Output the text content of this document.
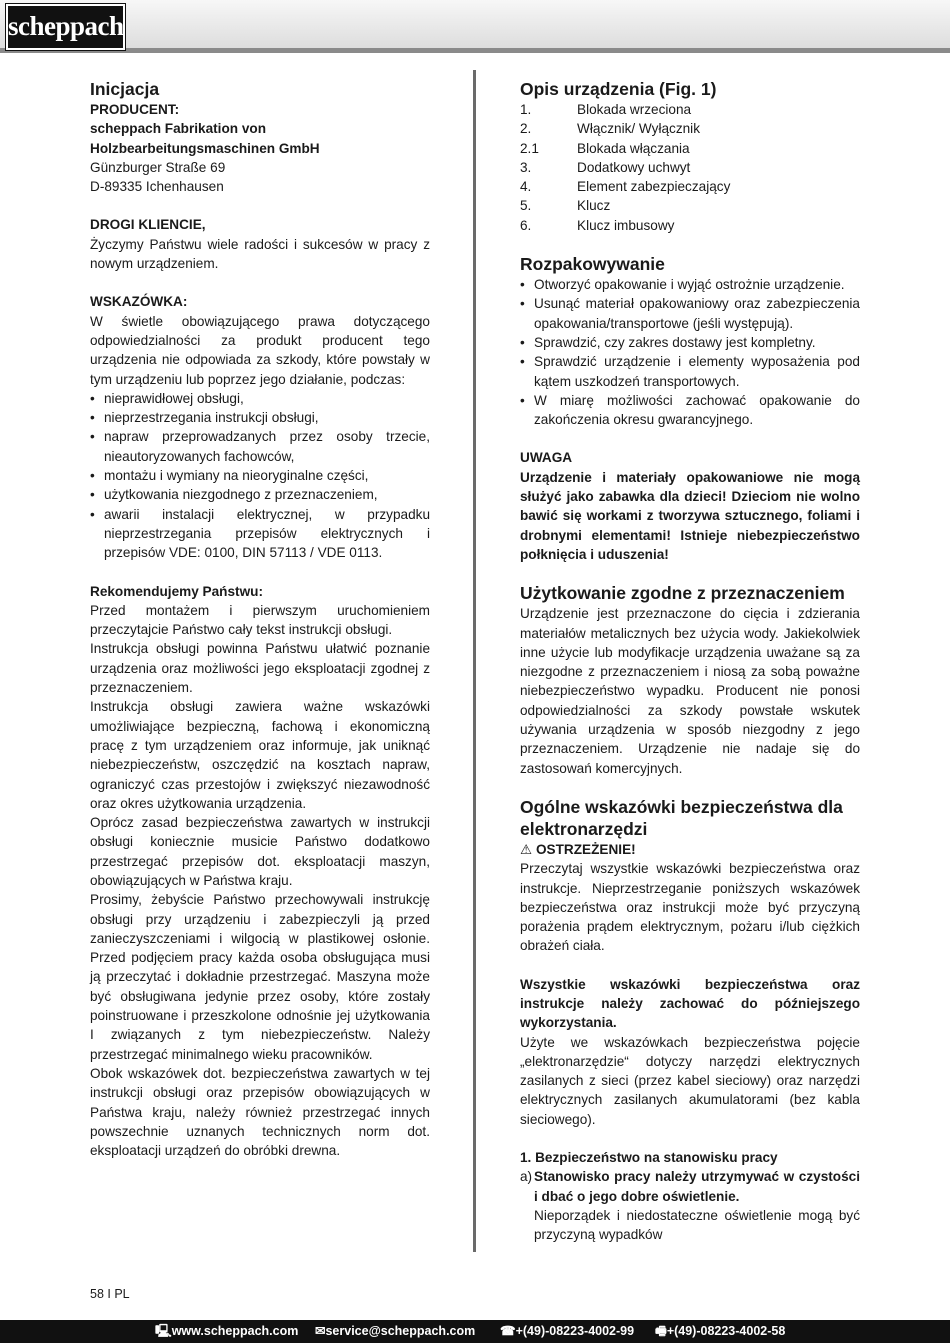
scheppach
Inicjacja

PRODUCENT:

scheppach Fabrikation von

Holzbearbeitungsmaschinen GmbH

Günzburger Straße 69

D-89335 Ichenhausen

DROGI KLIENCIE,

Życzymy Państwu wiele radości i sukcesów w pracy z nowym urządzeniem.

WSKAZÓWKA:

W świetle obowiązującego prawa dotyczącego odpowiedzialności za produkt producent tego urządzenia nie odpowiada za szkody, które powstały w tym urządzeniu lub poprzez jego działanie, podczas:

• nieprawidłowej obsługi,
• nieprzestrzegania instrukcji obsługi,
• napraw przeprowadzanych przez osoby trzecie, nieautoryzowanych fachowców,
• montażu i wymiany na nieoryginalne części,
• użytkowania niezgodnego z przeznaczeniem,
• awarii instalacji elektrycznej, w przypadku nieprzestrzegania przepisów elektrycznych i przepisów VDE: 0100, DIN 57113 / VDE 0113.

Rekomendujemy Państwu:

Przed montażem i pierwszym uruchomieniem przeczytajcie Państwo cały tekst instrukcji obsługi.

Instrukcja obsługi powinna Państwu ułatwić poznanie urządzenia oraz możliwości jego eksploatacji zgodnej z przeznaczeniem.

Instrukcja obsługi zawiera ważne wskazówki umożliwiające bezpieczną, fachową i ekonomiczną pracę z tym urządzeniem oraz informuje, jak uniknąć niebezpieczeństw, oszczędzić na kosztach napraw, ograniczyć czas przestojów i zwiększyć niezawodność oraz okres użytkowania urządzenia.

Oprócz zasad bezpieczeństwa zawartych w instrukcji obsługi koniecznie musicie Państwo dodatkowo przestrzegać przepisów dot. eksploatacji maszyn, obowiązujących w Państwa kraju.

Prosimy, żebyście Państwo przechowywali instrukcję obsługi przy urządzeniu i zabezpieczyli ją przed zanieczyszczeniami i wilgocią w plastikowej osłonie. Przed podjęciem pracy każda osoba obsługująca musi ją przeczytać i dokładnie przestrzegać. Maszyna może być obsługiwana jedynie przez osoby, które zostały poinstruowane i przeszkolone odnośnie jej użytkowania I związanych z tym niebezpieczeństw. Należy przestrzegać minimalnego wieku pracowników.

Obok wskazówek dot. bezpieczeństwa zawartych w tej instrukcji obsługi oraz przepisów obowiązujących w Państwa kraju, należy również przestrzegać innych powszechnie uznanych technicznych norm dot. eksploatacji urządzeń do obróbki drewna.

Opis urządzenia (Fig. 1)
1.	Blokada wrzeciona
2.	Włącznik/ Wyłącznik
2.1	Blokada włączania
3.	Dodatkowy uchwyt
4.	Element zabezpieczający
5.	Klucz
6.	Klucz imbusowy
Rozpakowywanie
• Otworzyć opakowanie i wyjąć ostrożnie urządzenie.
• Usunąć materiał opakowaniowy oraz zabezpieczenia opakowania/transportowe (jeśli występują).
• Sprawdzić, czy zakres dostawy jest kompletny.
• Sprawdzić urządzenie i elementy wyposażenia pod kątem uszkodzeń transportowych.
• W miarę możliwości zachować opakowanie do zakończenia okresu gwarancyjnego.

UWAGA

Urządzenie i materiały opakowaniowe nie mogą służyć jako zabawka dla dzieci! Dzieciom nie wolno bawić się workami z tworzywa sztucznego, foliami i drobnymi elementami! Istnieje niebezpieczeństwo połknięcia i uduszenia!

Użytkowanie zgodne z przeznaczeniem

Urządzenie jest przeznaczone do cięcia i zdzierania materiałów metalicznych bez użycia wody. Jakiekolwiek inne użycie lub modyfikacje urządzenia uważane są za niezgodne z przeznaczeniem i niosą za sobą poważne niebezpieczeństwo wypadku. Producent nie ponosi odpowiedzialności za szkody powstałe wskutek używania urządzenia w sposób niezgodny z jego przeznaczeniem. Urządzenie nie nadaje się do zastosowań komercyjnych.

Ogólne wskazówki bezpieczeństwa dla elektronarzędzi

⚠ OSTRZEŻENIE!

Przeczytaj wszystkie wskazówki bezpieczeństwa oraz instrukcje. Nieprzestrzeganie poniższych wskazówek bezpieczeństwa oraz instrukcji może być przyczyną porażenia prądem elektrycznym, pożaru i/lub ciężkich obrażeń ciała.

Wszystkie wskazówki bezpieczeństwa oraz instrukcje należy zachować do późniejszego wykorzystania.

Użyte we wskazówkach bezpieczeństwa pojęcie „elektronarzędzie“ dotyczy narzędzi elektrycznych zasilanych z sieci (przez kabel sieciowy) oraz narzędzi elektrycznych zasilanych akumulatorami (bez kabla sieciowego).

1. Bezpieczeństwo na stanowisku pracy

a) Stanowisko pracy należy utrzymywać w czystości i dbać o jego dobre oświetlenie.

Nieporządek i niedostateczne oświetlenie mogą być przyczyną wypadków

58 I PL
🖳 www.scheppach.com ✉ service@scheppach.com ☎ +(49)-08223-4002-99 🖷 +(49)-08223-4002-58
